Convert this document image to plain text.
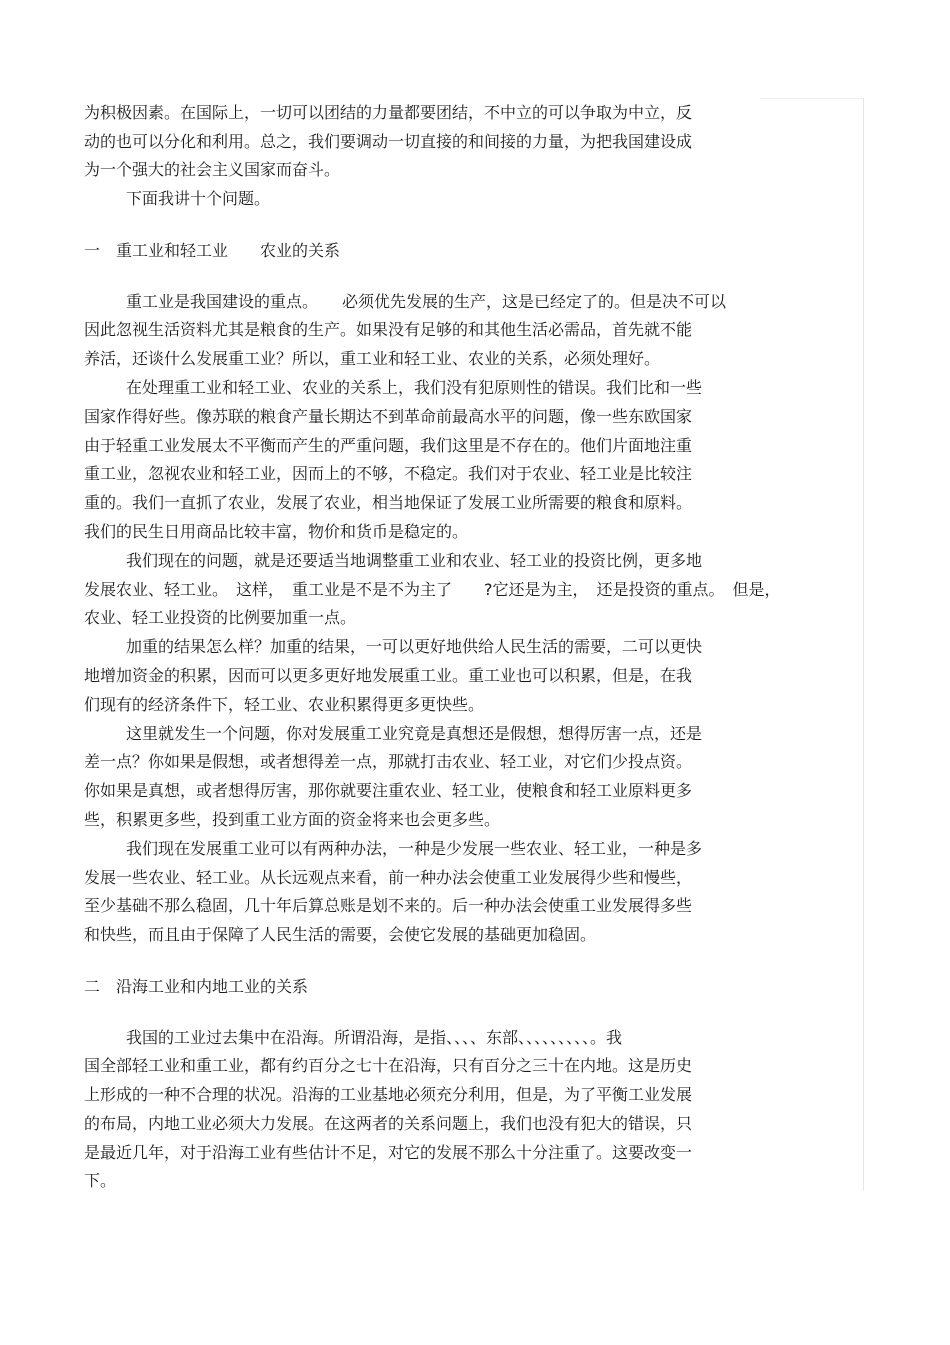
为积极因素。在国际上，一切可以团结的力量都要团结，不中立的可以争取为中立，反
动的也可以分化和利用。总之，我们要调动一切直接的和间接的力量，为把我国建设成
为一个强大的社会主义国家而奋斗。
下面我讲十个问题。
一　重工业和轻工业　　农业的关系
重工业是我国建设的重点。　　必须优先发展的生产，这是已经定了的。但是决不可以
因此忽视生活资料尤其是粮食的生产。如果没有足够的和其他生活必需品，首先就不能
养活，还谈什么发展重工业？所以，重工业和轻工业、农业的关系，必须处理好。
在处理重工业和轻工业、农业的关系上，我们没有犯原则性的错误。我们比和一些
国家作得好些。像苏联的粮食产量长期达不到革命前最高水平的问题，像一些东欧国家
由于轻重工业发展太不平衡而产生的严重问题，我们这里是不存在的。他们片面地注重
重工业，忽视农业和轻工业，因而上的不够，不稳定。我们对于农业、轻工业是比较注
重的。我们一直抓了农业，发展了农业，相当地保证了发展工业所需要的粮食和原料。
我们的民生日用商品比较丰富，物价和货币是稳定的。
我们现在的问题，就是还要适当地调整重工业和农业、轻工业的投资比例，更多地
发展农业、轻工业。　这样，　重工业是不是不为主了　　?它还是为主，　还是投资的重点。　但是，
农业、轻工业投资的比例要加重一点。
加重的结果怎么样？加重的结果，一可以更好地供给人民生活的需要，二可以更快
地增加资金的积累，因而可以更多更好地发展重工业。重工业也可以积累，但是，在我
们现有的经济条件下，轻工业、农业积累得更多更快些。
这里就发生一个问题，你对发展重工业究竟是真想还是假想，想得厉害一点，还是
差一点？你如果是假想，或者想得差一点，那就打击农业、轻工业，对它们少投点资。
你如果是真想，或者想得厉害，那你就要注重农业、轻工业，使粮食和轻工业原料更多
些，积累更多些，投到重工业方面的资金将来也会更多些。
我们现在发展重工业可以有两种办法，一种是少发展一些农业、轻工业，一种是多
发展一些农业、轻工业。从长远观点来看，前一种办法会使重工业发展得少些和慢些，
至少基础不那么稳固，几十年后算总账是划不来的。后一种办法会使重工业发展得多些
和快些，而且由于保障了人民生活的需要，会使它发展的基础更加稳固。
二　沿海工业和内地工业的关系
我国的工业过去集中在沿海。所谓沿海，是指、、、、东部、、、、、、、、、。我
国全部轻工业和重工业，都有约百分之七十在沿海，只有百分之三十在内地。这是历史
上形成的一种不合理的状况。沿海的工业基地必须充分利用，但是，为了平衡工业发展
的布局，内地工业必须大力发展。在这两者的关系问题上，我们也没有犯大的错误，只
是最近几年，对于沿海工业有些估计不足，对它的发展不那么十分注重了。这要改变一
下。
